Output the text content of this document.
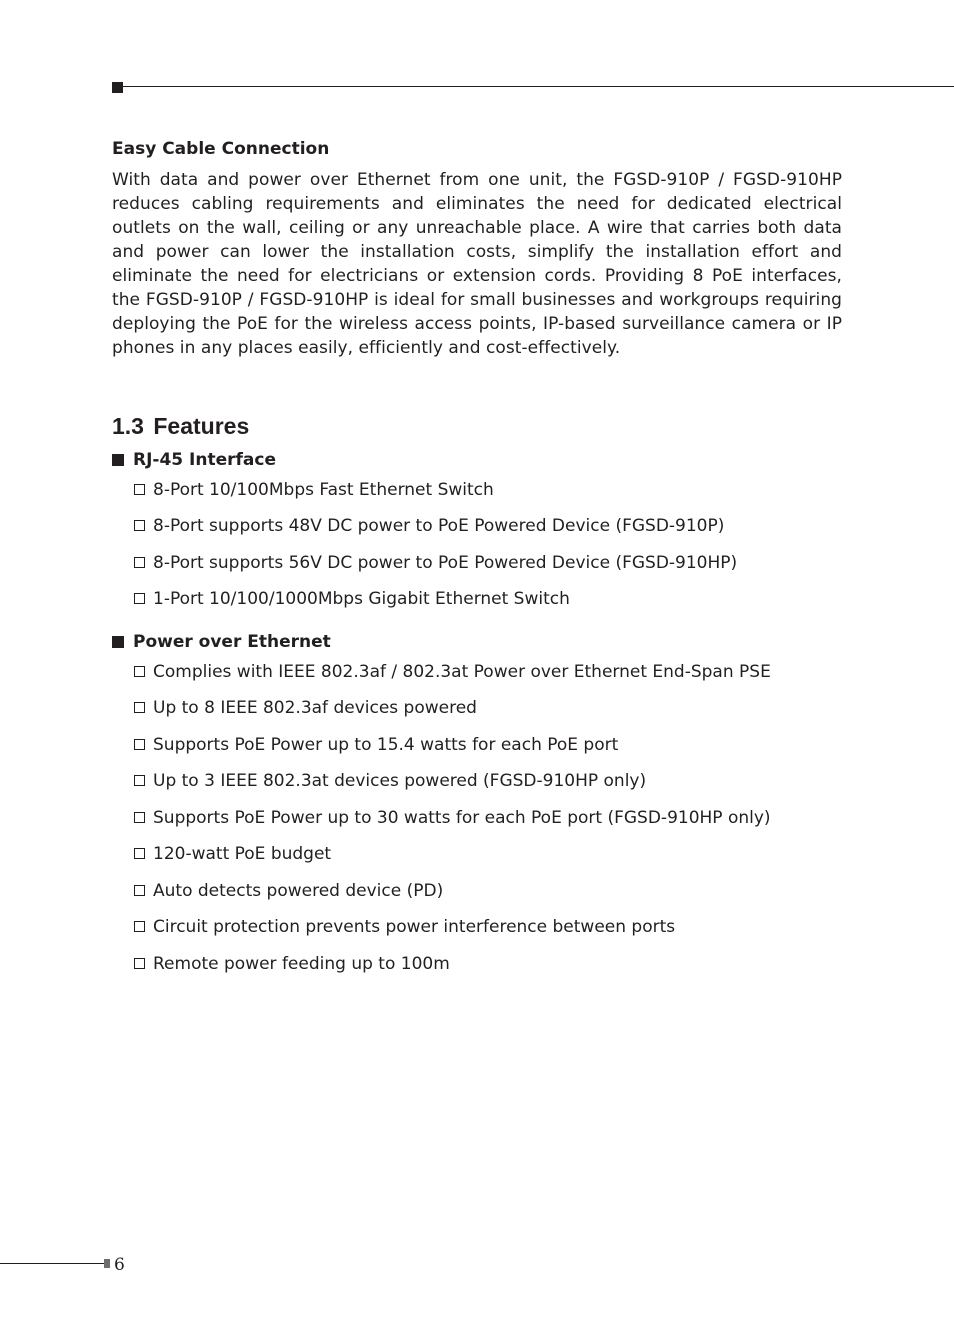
Easy Cable Connection

With data and power over Ethernet from one unit, the FGSD-910P / FGSD-910HP reduces cabling requirements and eliminates the need for dedicated electrical outlets on the wall, ceiling or any unreachable place. A wire that carries both data and power can lower the installation costs, simplify the installation effort and eliminate the need for electricians or extension cords. Providing 8 PoE interfaces, the FGSD-910P / FGSD-910HP is ideal for small businesses and workgroups requiring deploying the PoE for the wireless access points, IP-based surveillance camera or IP phones in any places easily, efficiently and cost-effectively.

1.3 Features
RJ-45 Interface
8-Port 10/100Mbps Fast Ethernet Switch
8-Port supports 48V DC power to PoE Powered Device (FGSD-910P)
8-Port supports 56V DC power to PoE Powered Device (FGSD-910HP)
1-Port 10/100/1000Mbps Gigabit Ethernet Switch
Power over Ethernet
Complies with IEEE 802.3af / 802.3at Power over Ethernet End-Span PSE
Up to 8 IEEE 802.3af devices powered
Supports PoE Power up to 15.4 watts for each PoE port
Up to 3 IEEE 802.3at devices powered (FGSD-910HP only)
Supports PoE Power up to 30 watts for each PoE port (FGSD-910HP only)
120-watt PoE budget
Auto detects powered device (PD)
Circuit protection prevents power interference between ports
Remote power feeding up to 100m
6
